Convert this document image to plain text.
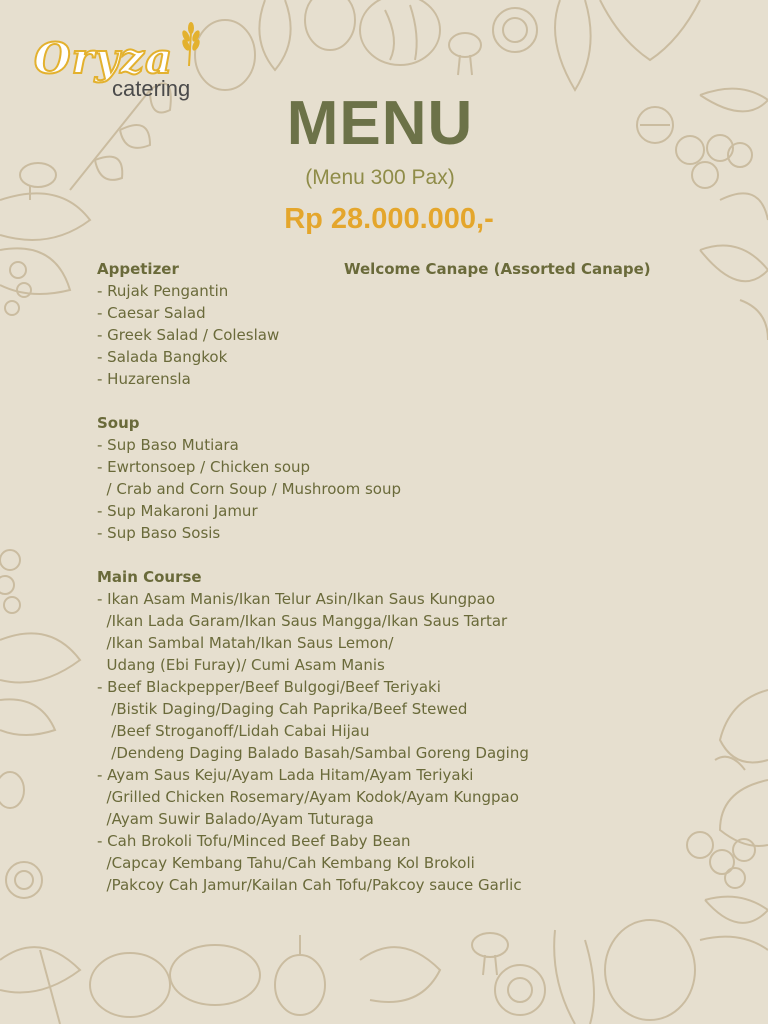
Oryza
catering
MENU
(Menu 300 Pax)
Rp 28.000.000,-
Welcome Canape (Assorted Canape)
Appetizer
- Rujak Pengantin
- Caesar Salad
- Greek Salad / Coleslaw
- Salada Bangkok
- Huzarensla
Soup
- Sup Baso Mutiara
- Ewrtonsoep / Chicken soup
/ Crab and Corn Soup / Mushroom soup
- Sup Makaroni Jamur
- Sup Baso Sosis
Main Course
- Ikan Asam Manis/Ikan Telur Asin/Ikan Saus Kungpao
/Ikan Lada Garam/Ikan Saus Mangga/Ikan Saus Tartar
/Ikan Sambal Matah/Ikan Saus Lemon/
Udang (Ebi Furay)/ Cumi Asam Manis
- Beef Blackpepper/Beef Bulgogi/Beef Teriyaki
/Bistik Daging/Daging Cah Paprika/Beef Stewed
/Beef Stroganoff/Lidah Cabai Hijau
/Dendeng Daging Balado Basah/Sambal Goreng Daging
- Ayam Saus Keju/Ayam Lada Hitam/Ayam Teriyaki
/Grilled Chicken Rosemary/Ayam Kodok/Ayam Kungpao
/Ayam Suwir Balado/Ayam Tuturaga
- Cah Brokoli Tofu/Minced Beef Baby Bean
/Capcay Kembang Tahu/Cah Kembang Kol Brokoli
/Pakcoy Cah Jamur/Kailan Cah Tofu/Pakcoy sauce Garlic
